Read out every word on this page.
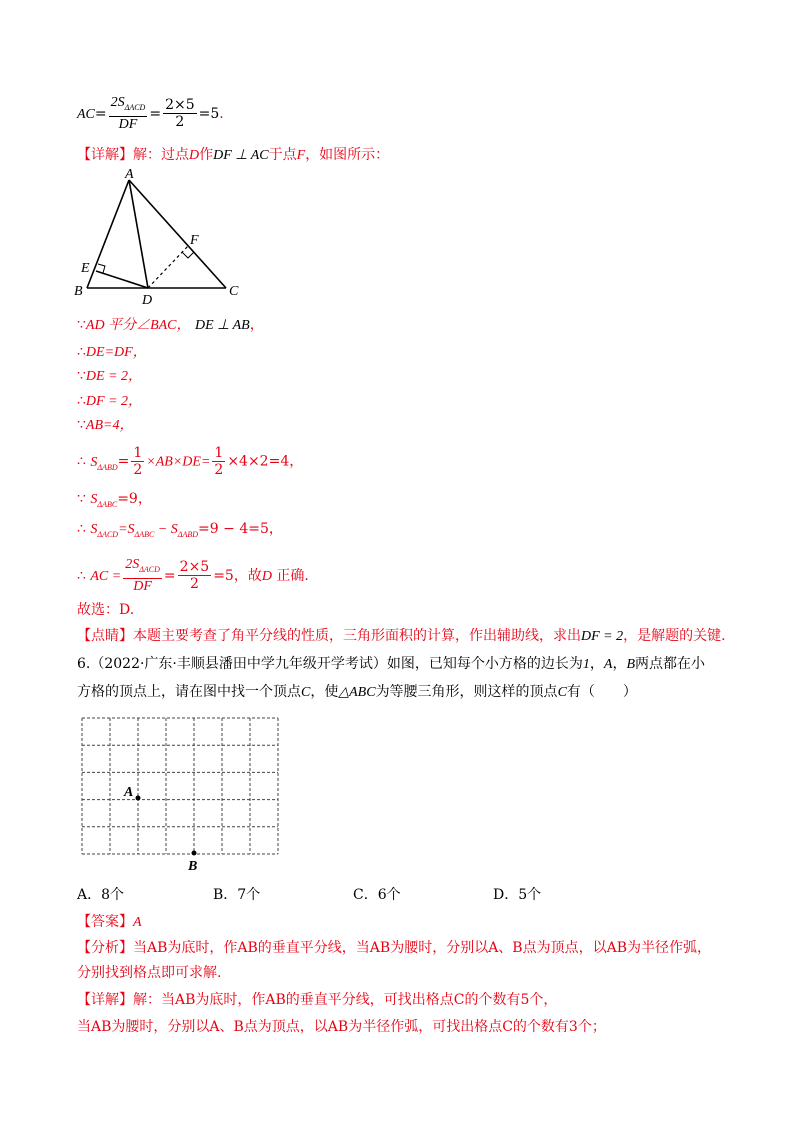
$AC= \frac{2S_{\Delta ACD}}{DF} = \frac{2\times 5}{2} =5$.
【详解】解：过点D作DF ⊥ AC于点F，如图所示：
A
B	C
D
E
F
∵AD 平分∠BAC， DE ⊥ AB，
∴DE=DF，
∵DE = 2，
∴DF = 2，
∵AB=4，
∴ $S_{\Delta ABD}= \frac{1}{2} \times AB\times DE= \frac{1}{2} \times 4\times 2=4$，
∵ $S_{\Delta ABC}=9$，
∴ $S_{\Delta ACD}=S_{\Delta ABC} - S_{\Delta ABD}=9 - 4=5$，
∴ AC = $\frac{2S_{\Delta ACD}}{DF} = \frac{2\times 5}{2} =5$，故D 正确.
故选：D.
【点睛】本题主要考查了角平分线的性质，三角形面积的计算，作出辅助线，求出DF = 2，是解题的关键.
6.（2022·广东·丰顺县潘田中学九年级开学考试）如图，已知每个小方格的边长为1，A，B两点都在小
方格的顶点上，请在图中找一个顶点C，使△ABC为等腰三角形，则这样的顶点C有（　　）
A
B
A．8个	B．7个	C．6个	D．5个
【答案】A
【分析】当AB为底时，作AB的垂直平分线，当AB为腰时，分别以A、B点为顶点，以AB为半径作弧，
分别找到格点即可求解.
【详解】解：当AB为底时，作AB的垂直平分线，可找出格点C的个数有5个，
当AB为腰时，分别以A、B点为顶点，以AB为半径作弧，可找出格点C的个数有3个；
